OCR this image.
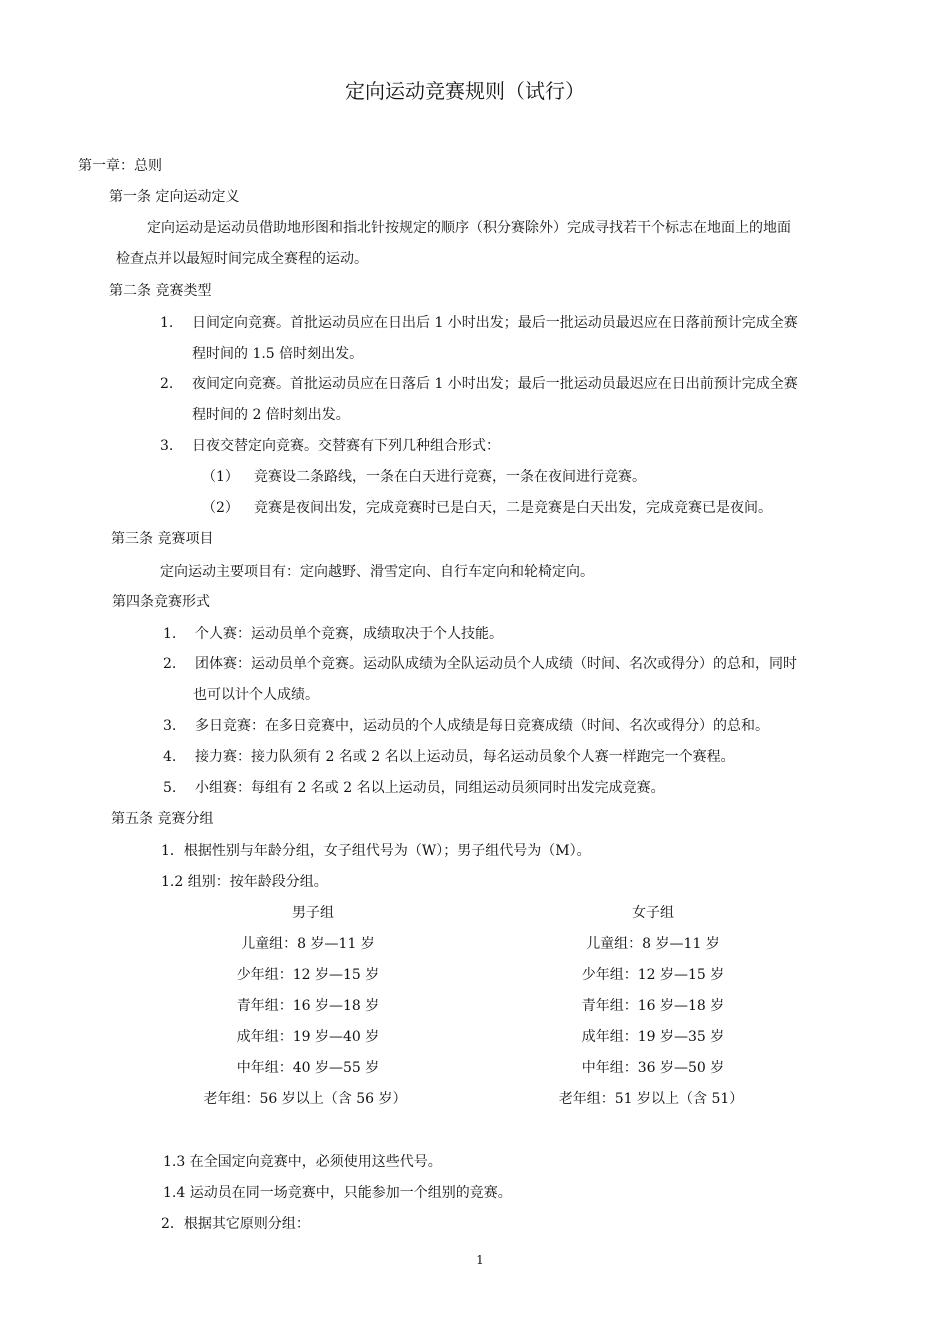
定向运动竞赛规则（试行）
第一章：总则
第一条 定向运动定义
定向运动是运动员借助地形图和指北针按规定的顺序（积分赛除外）完成寻找若干个标志在地面上的地面
检查点并以最短时间完成全赛程的运动。
第二条 竞赛类型
1. 日间定向竞赛。首批运动员应在日出后 1 小时出发；最后一批运动员最迟应在日落前预计完成全赛
程时间的 1.5 倍时刻出发。
2. 夜间定向竞赛。首批运动员应在日落后 1 小时出发；最后一批运动员最迟应在日出前预计完成全赛
程时间的 2 倍时刻出发。
3. 日夜交替定向竞赛。交替赛有下列几种组合形式：
（1） 竞赛设二条路线，一条在白天进行竞赛，一条在夜间进行竞赛。
（2） 竞赛是夜间出发，完成竞赛时已是白天，二是竞赛是白天出发，完成竞赛已是夜间。
第三条 竞赛项目
定向运动主要项目有：定向越野、滑雪定向、自行车定向和轮椅定向。
第四条竞赛形式
1. 个人赛：运动员单个竞赛，成绩取决于个人技能。
2. 团体赛：运动员单个竞赛。运动队成绩为全队运动员个人成绩（时间、名次或得分）的总和，同时
也可以计个人成绩。
3. 多日竞赛：在多日竞赛中，运动员的个人成绩是每日竞赛成绩（时间、名次或得分）的总和。
4. 接力赛：接力队须有 2 名或 2 名以上运动员，每名运动员象个人赛一样跑完一个赛程。
5. 小组赛：每组有 2 名或 2 名以上运动员，同组运动员须同时出发完成竞赛。
第五条 竞赛分组
1．根据性别与年龄分组，女子组代号为（W）；男子组代号为（M）。
1.2 组别：按年龄段分组。
男子组	女子组
儿童组：8 岁—11 岁	儿童组：8 岁—11 岁
少年组：12 岁—15 岁	少年组：12 岁—15 岁
青年组：16 岁—18 岁	青年组：16 岁—18 岁
成年组：19 岁—40 岁	成年组：19 岁—35 岁
中年组：40 岁—55 岁	中年组：36 岁—50 岁
老年组：56 岁以上（含 56 岁）	老年组：51 岁以上（含 51）
1.3 在全国定向竞赛中，必须使用这些代号。
1.4 运动员在同一场竞赛中，只能参加一个组别的竞赛。
2．根据其它原则分组：
1
